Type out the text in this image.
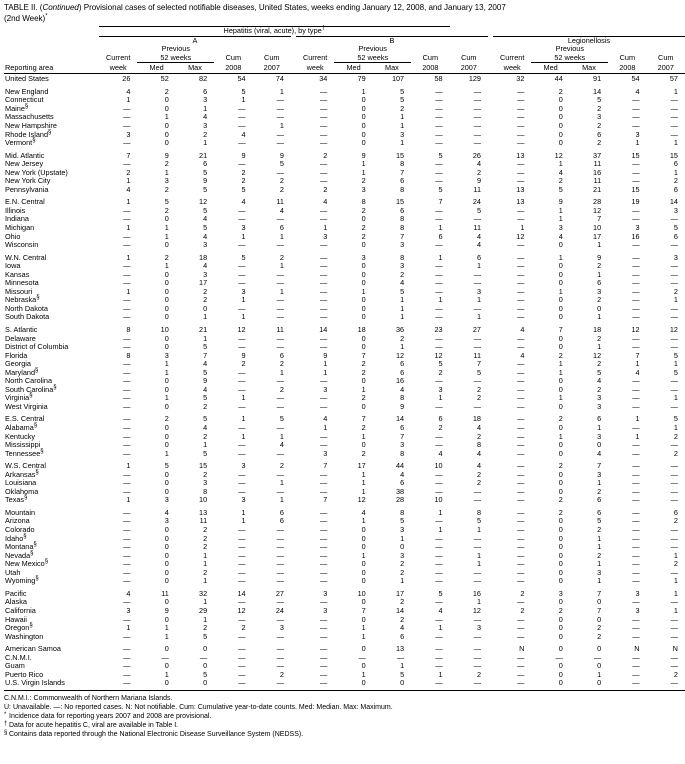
TABLE II. (Continued) Provisional cases of selected notifiable diseases, United States, weeks ending January 12, 2008, and January 13, 2007
(2nd Week)*
	Hepatitis (viral, acute), by type†		
	A						B						Legionellosis				
		Previous						Previous						Previous			
	Current	52 weeks		Cum	Cum		Current	52 weeks		Cum	Cum		Current	52 weeks		Cum	Cum
Reporting area	week	Med	Max	2008	2007		week	Med	Max	2008	2007		week	Med	Max	2008	2007
United States	26	52	82	54	74		34	79	107	58	129		32	44	91	54	57

New England	4	2	6	5	1		—	1	5	—	—		—	2	14	4	1
Connecticut	1	0	3	1	—		—	0	5	—	—		—	0	5	—	—
Maine§	—	0	1	—	—		—	0	2	—	—		—	0	2	—	—
Massachusetts	—	1	4	—	—		—	0	1	—	—		—	0	3	—	—
New Hampshire	—	0	3	—	1		—	0	1	—	—		—	0	2	—	—
Rhode Island§	3	0	2	4	—		—	0	3	—	—		—	0	6	3	—
Vermont§	—	0	1	—	—		—	0	1	—	—		—	0	2	1	1

Mid. Atlantic	7	9	21	9	9		2	9	15	5	26		13	12	37	15	15
New Jersey	—	2	6	—	5		—	1	8	—	4		—	1	11	—	6
New York (Upstate)	2	1	5	2	—		—	1	7	—	2		—	4	16	—	1
New York City	1	3	9	2	2		—	2	6	—	9		—	2	11	—	2
Pennsylvania	4	2	5	5	2		2	3	8	5	11		13	5	21	15	6

E.N. Central	1	5	12	4	11		4	8	15	7	24		13	9	28	19	14
Illinois	—	2	5	—	4		—	2	6	—	5		—	1	12	—	3
Indiana	—	0	4	—	—		—	0	8	—	—		—	1	7	—	—
Michigan	1	1	5	3	6		1	2	8	1	11		1	3	10	3	5
Ohio	—	1	4	1	1		3	2	7	6	4		12	4	17	16	6
Wisconsin	—	0	3	—	—		—	0	3	—	4		—	0	1	—	—

W.N. Central	1	2	18	5	2		—	3	8	1	6		—	1	9	—	3
Iowa	—	1	4	—	1		—	0	3	—	1		—	0	2	—	—
Kansas	—	0	3	—	—		—	0	2	—	—		—	0	1	—	—
Minnesota	—	0	17	—	—		—	0	4	—	—		—	0	6	—	—
Missouri	1	0	2	3	1		—	1	5	—	3		—	1	3	—	2
Nebraska§	—	0	2	1	—		—	0	1	1	1		—	0	2	—	1
North Dakota	—	0	0	—	—		—	0	1	—	—		—	0	0	—	—
South Dakota	—	0	1	1	—		—	0	1	—	1		—	0	1	—	—

S. Atlantic	8	10	21	12	11		14	18	36	23	27		4	7	18	12	12
Delaware	—	0	1	—	—		—	0	2	—	—		—	0	2	—	—
District of Columbia	—	0	5	—	—		—	0	1	—	—		—	0	1	—	—
Florida	8	3	7	9	6		9	7	12	12	11		4	2	12	7	5
Georgia	—	1	4	2	2		1	2	6	5	7		—	1	2	1	1
Maryland§	—	1	5	—	1		1	2	6	2	5		—	1	5	4	5
North Carolina	—	0	9	—	—		—	0	16	—	—		—	0	4	—	—
South Carolina§	—	0	4	—	2		3	1	4	3	2		—	0	2	—	—
Virginia§	—	1	5	1	—		—	2	8	1	2		—	1	3	—	1
West Virginia	—	0	2	—	—		—	0	9	—	—		—	0	3	—	—

E.S. Central	—	2	5	1	5		4	7	14	6	18		—	2	6	1	5
Alabama§	—	0	4	—	—		1	2	6	2	4		—	0	1	—	1
Kentucky	—	0	2	1	1		—	1	7	—	2		—	1	3	1	2
Mississippi	—	0	1	—	4		—	0	3	—	8		—	0	0	—	—
Tennessee§	—	1	5	—	—		3	2	8	4	4		—	0	4	—	2

W.S. Central	1	5	15	3	2		7	17	44	10	4		—	2	7	—	—
Arkansas§	—	0	2	—	—		—	1	4	—	2		—	0	3	—	—
Louisiana	—	0	3	—	1		—	1	6	—	2		—	0	1	—	—
Oklahoma	—	0	8	—	—		—	1	38	—	—		—	0	2	—	—
Texas§	1	3	10	3	1		7	12	28	10	—		—	2	6	—	—

Mountain	—	4	13	1	6		—	4	8	1	8		—	2	6	—	6
Arizona	—	3	11	1	6		—	1	5	—	5		—	0	5	—	2
Colorado	—	0	2	—	—		—	0	3	1	1		—	0	2	—	—
Idaho§	—	0	2	—	—		—	0	1	—	—		—	0	1	—	—
Montana§	—	0	2	—	—		—	0	0	—	—		—	0	1	—	—
Nevada§	—	0	1	—	—		—	1	3	—	1		—	0	2	—	1
New Mexico§	—	0	1	—	—		—	0	2	—	1		—	0	1	—	2
Utah	—	0	2	—	—		—	0	2	—	—		—	0	3	—	—
Wyoming§	—	0	1	—	—		—	0	1	—	—		—	0	1	—	1

Pacific	4	11	32	14	27		3	10	17	5	16		2	3	7	3	1
Alaska	—	0	1	—	—		—	0	2	—	1		—	0	0	—	—
California	3	9	29	12	24		3	7	14	4	12		2	2	7	3	1
Hawaii	—	0	1	—	—		—	0	2	—	—		—	0	0	—	—
Oregon§	1	1	2	2	3		—	1	4	1	3		—	0	2	—	—
Washington	—	1	5	—	—		—	1	6	—	—		—	0	2	—	—

American Samoa	—	0	0	—	—		—	0	13	—	—		N	0	0	N	N
C.N.M.I.	—	—	—	—	—		—	—	—	—	—		—	—	—	—	—
Guam	—	0	0	—	—		—	0	1	—	—		—	0	0	—	—
Puerto Rico	—	1	5	—	2		—	1	5	1	2		—	0	1	—	2
U.S. Virgin Islands	—	0	0	—	—		—	0	0	—	—		—	0	0	—	—
C.N.M.I.: Commonwealth of Northern Mariana Islands.
U: Unavailable. —: No reported cases. N: Not notifiable. Cum: Cumulative year-to-date counts. Med: Median. Max: Maximum.
* Incidence data for reporting years 2007 and 2008 are provisional.
† Data for acute hepatitis C, viral are available in Table I.
§ Contains data reported through the National Electronic Disease Surveillance System (NEDSS).
